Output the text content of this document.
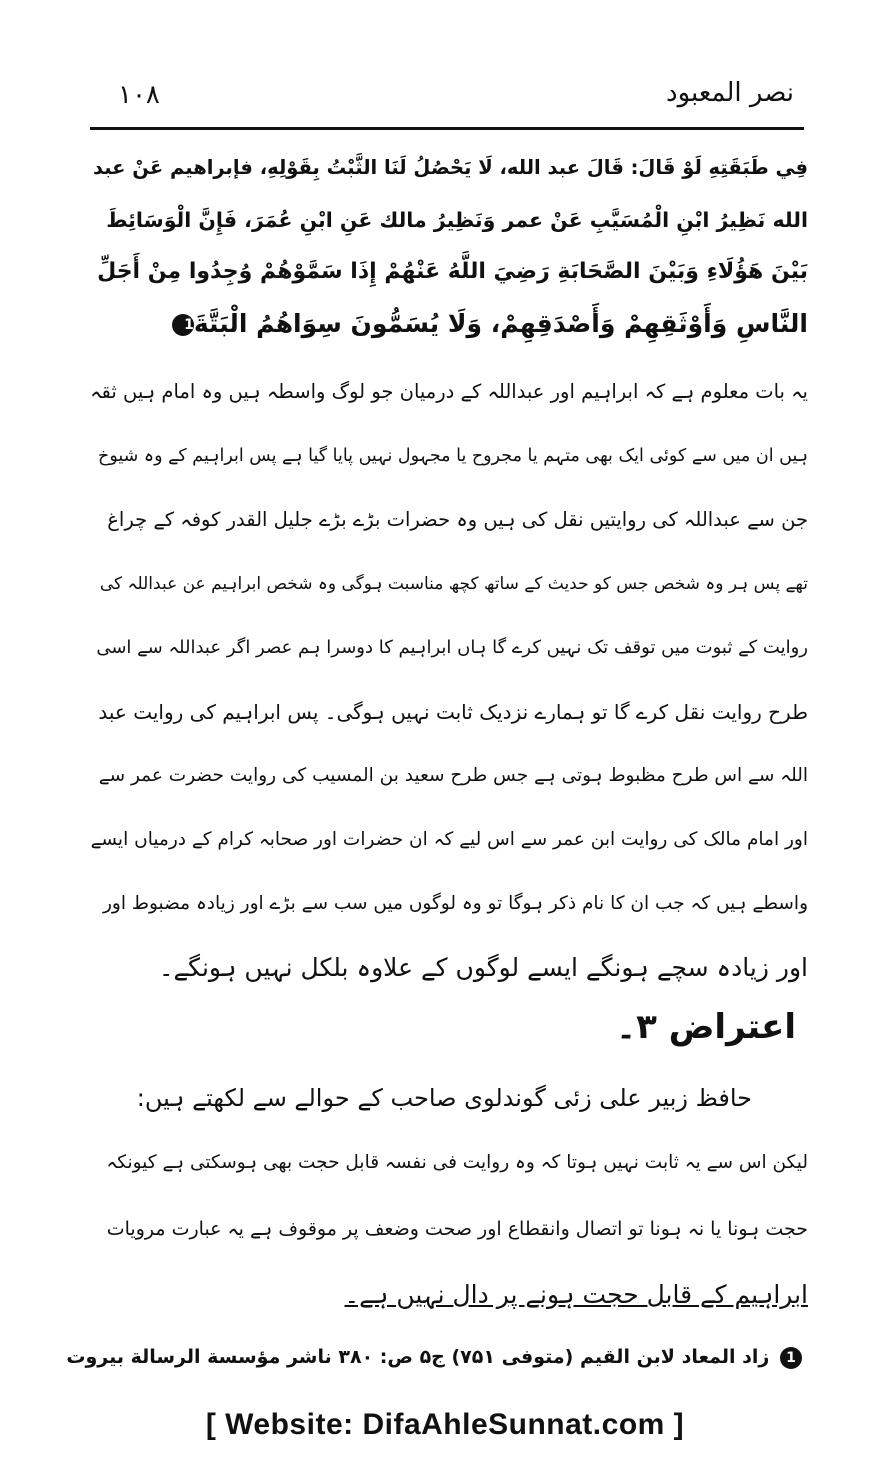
نصر المعبود
۱۰۸
فِي طَبَقَتِهِ لَوْ قَالَ: قَالَ عبد الله، لَا يَحْصُلُ لَنَا الثَّبْتُ بِقَوْلِهِ، فإبراهيم عَنْ عبد
الله نَظِيرُ ابْنِ الْمُسَيَّبِ عَنْ عمر وَنَظِيرُ مالك عَنِ ابْنِ عُمَرَ، فَإِنَّ الْوَسَائِطَ
بَيْنَ هَؤُلَاءِ وَبَيْنَ الصَّحَابَةِ رَضِيَ اللَّهُ عَنْهُمْ إِذَا سَمَّوْهُمْ وُجِدُوا مِنْ أَجَلِّ
النَّاسِ وَأَوْثَقِهِمْ وَأَصْدَقِهِمْ، وَلَا يُسَمُّونَ سِوَاهُمُ الْبَتَّةَ1
یہ بات معلوم ہے کہ ابراہیم اور عبداللہ کے درمیان جو لوگ واسطہ ہیں وہ امام ہیں ثقہ
ہیں ان میں سے کوئی ایک بھی متہم یا مجروح یا مجہول نہیں پایا گیا ہے پس ابراہیم کے وہ شیوخ
جن سے عبداللہ کی روایتیں نقل کی ہیں وہ حضرات بڑے بڑے جلیل القدر کوفہ کے چراغ
تھے پس ہر وہ شخص جس کو حدیث کے ساتھ کچھ مناسبت ہوگی وہ شخص ابراہیم عن عبداللہ کی
روایت کے ثبوت میں توقف تک نہیں کرے گا ہاں ابراہیم کا دوسرا ہم عصر اگر عبداللہ سے اسی
طرح روایت نقل کرے گا تو ہمارے نزدیک ثابت نہیں ہوگی۔ پس ابراہیم کی روایت عبد
اللہ سے اس طرح مظبوط ہوتی ہے جس طرح سعید بن المسیب کی روایت حضرت عمر سے
اور امام مالک کی روایت ابن عمر سے اس لیے کہ ان حضرات اور صحابہ کرام کے درمیاں ایسے
واسطے ہیں کہ جب ان کا نام ذکر ہوگا تو وہ لوگوں میں سب سے بڑے اور زیادہ مضبوط اور
اور زیادہ سچے ہونگے ایسے لوگوں کے علاوہ بلکل نہیں ہونگے۔
اعتراض ۳۔
حافظ زبیر علی زئی گوندلوی صاحب کے حوالے سے لکھتے ہیں:
لیکن اس سے یہ ثابت نہیں ہوتا کہ وہ روایت فی نفسہ قابل حجت بھی ہوسکتی ہے کیونکہ
حجت ہونا یا نہ ہونا تو اتصال وانقطاع اور صحت وضعف پر موقوف ہے یہ عبارت مرویات
ابراہیم کے قابل حجت ہونے پر دال نہیں ہے۔
1 زاد المعاد لابن القيم (متوفى ۷۵۱) ج۵ ص: ۳۸۰ ناشر مؤسسة الرسالة بيروت
[ Website: DifaAhleSunnat.com ]
